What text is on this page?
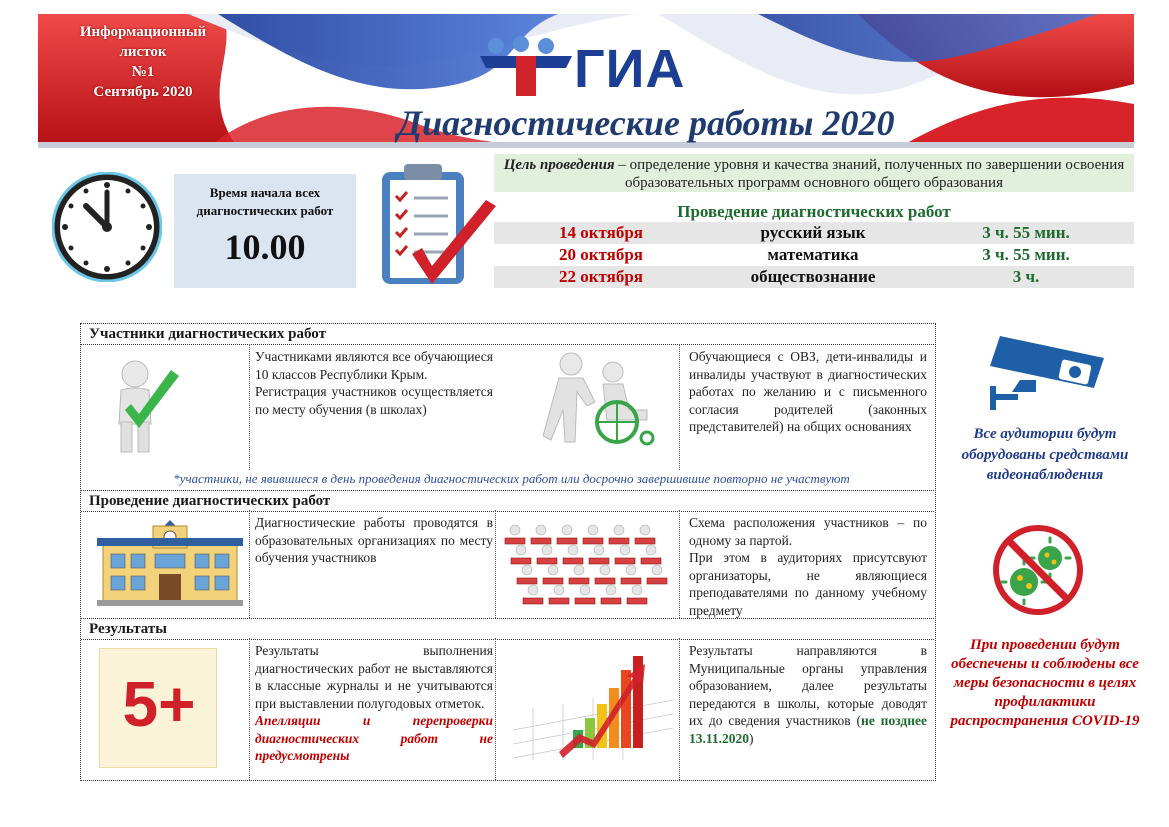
Информационный листок
№1
Сентябрь 2020	ГИА
Диагностические работы 2020
Время начала всех диагностических работ
10.00
Цель проведения – определение уровня и качества знаний, полученных по завершении освоения образовательных программ основного общего образования
Проведение диагностических работ
14 октября	русский язык	3 ч. 55 мин.
20 октября	математика	3 ч. 55 мин.
22 октября	обществознание	3 ч.
Участники диагностических работ

Участниками являются все обучающиеся 10 классов Республики Крым.

Регистрация участников осуществляется по месту обучения (в школах)

Обучающиеся с ОВЗ, дети-инвалиды и инвалиды участвуют в диагностических работах по желанию и с письменного согласия родителей (законных представителей) на общих основаниях
*участники, не явившиеся в день проведения диагностических работ или досрочно завершившие повторно не участвуют
Проведение диагностических работ
Диагностические работы проводятся в образовательных организациях по месту обучения участников

Схема расположения участников – по одному за партой.

При этом в аудиториях присутсвуют организаторы, не являющиеся преподавателями по данному учебному предмету

Результаты
5+

Результаты выполнения диагностических работ не выставляются в классные журналы и не учитываются при выставлении полугодовых отметок.

Апелляции и перепроверки диагностических работ не предусмотрены

Результаты направляются в Муниципальные органы управления образованием, далее результаты передаются в школы, которые доводят их до сведения участников (не позднее 13.11.2020)
Все аудитории будут оборудованы средствами видеонаблюдения
При проведении будут обеспечены и соблюдены все меры безопасности в целях профилактики распространения COVID-19
